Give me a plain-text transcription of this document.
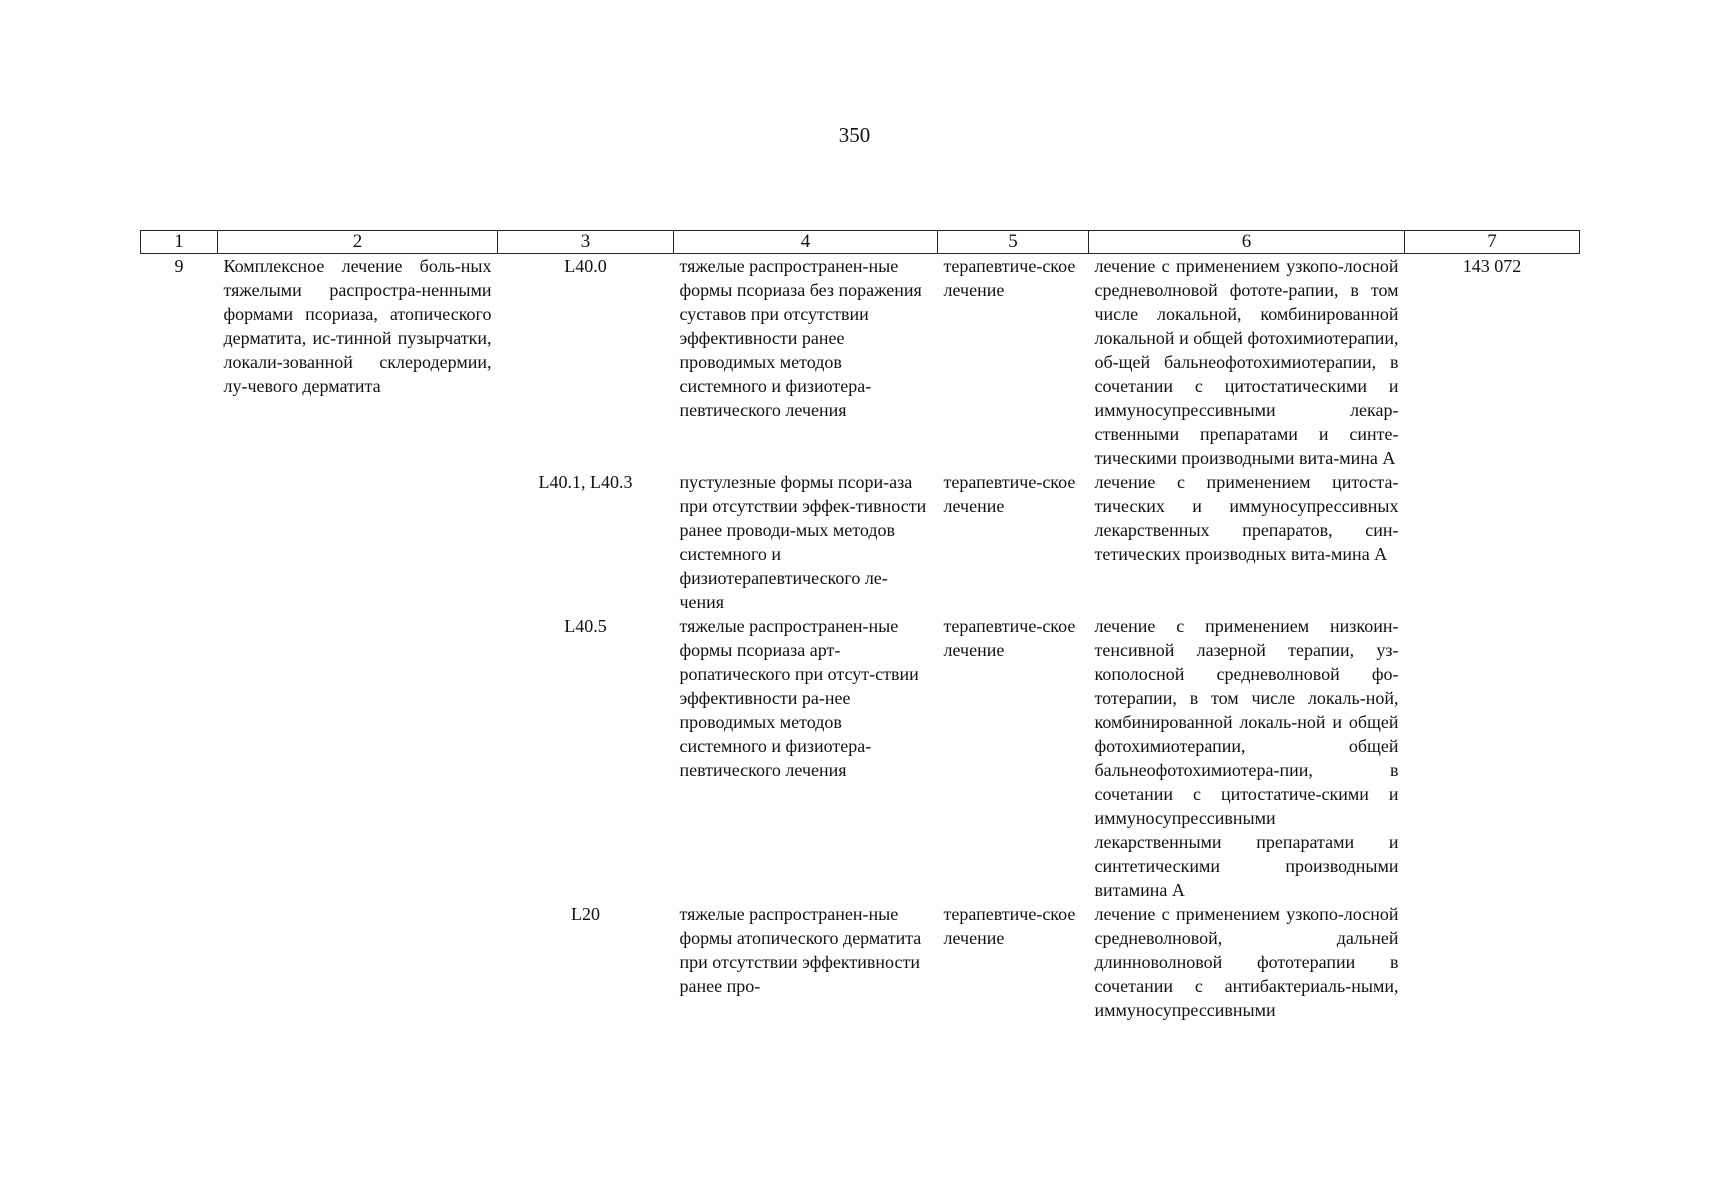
350
1	2	3	4	5	6	7
9	Комплексное лечение боль-ных тяжелыми распростра-ненными формами псориаза, атопического дерматита, ис-тинной пузырчатки, локали-зованной склеродермии, лу-чевого дерматита	L40.0	тяжелые распространен-ные формы псориаза без поражения суставов при отсутствии эффективности ранее проводимых методов системного и физиотера-певтического лечения	терапевтиче-ское лечение	лечение с применением узкопо-лосной средневолновой фототе-рапии, в том числе локальной, комбинированной локальной и общей фотохимиотерапии, об-щей бальнеофотохимиотерапии, в сочетании с цитостатическими и иммуносупрессивными лекар-ственными препаратами и синте-тическими производными вита-мина А	143 072
		L40.1, L40.3	пустулезные формы псори-аза при отсутствии эффек-тивности ранее проводи-мых методов системного и физиотерапевтического ле-чения	терапевтиче-ское лечение	лечение с применением цитоста-тических и иммуносупрессивных лекарственных препаратов, син-тетических производных вита-мина А	
		L40.5	тяжелые распространен-ные формы псориаза арт-ропатического при отсут-ствии эффективности ра-нее проводимых методов системного и физиотера-певтического лечения	терапевтиче-ское лечение	лечение с применением низкоин-тенсивной лазерной терапии, уз-кополосной средневолновой фо-тотерапии, в том числе локаль-ной, комбинированной локаль-ной и общей фотохимиотерапии, общей бальнеофотохимиотера-пии, в сочетании с цитостатиче-скими и иммуносупрессивными лекарственными препаратами и синтетическими производными витамина А	
		L20	тяжелые распространен-ные формы атопического дерматита при отсутствии эффективности ранее про-	терапевтиче-ское лечение	лечение с применением узкопо-лосной средневолновой, дальней длинноволновой фототерапии в сочетании с антибактериаль-ными, иммуносупрессивными	
